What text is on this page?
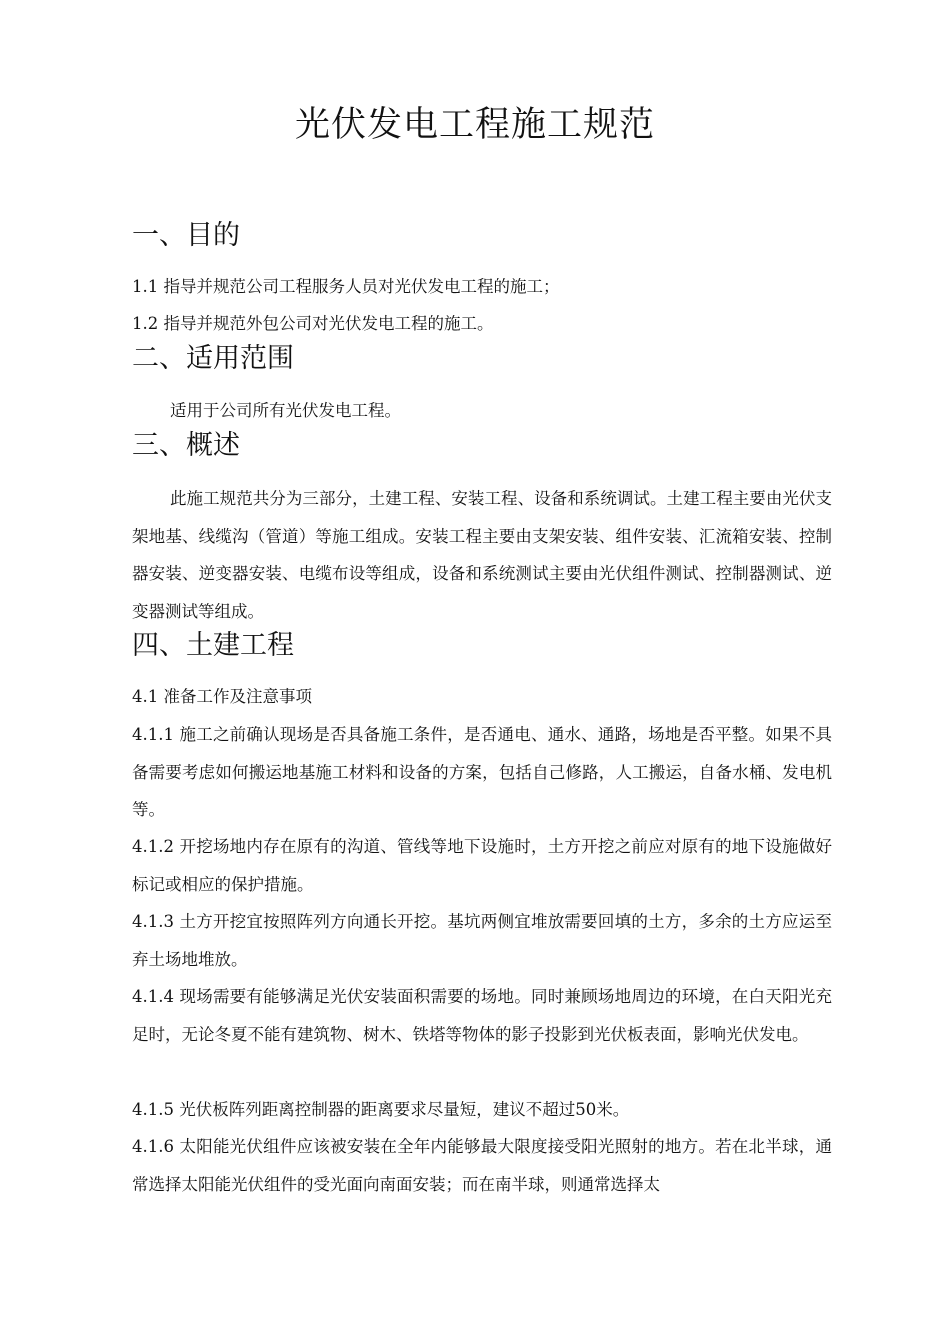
光伏发电工程施工规范
一、目的
1.1 指导并规范公司工程服务人员对光伏发电工程的施工；
1.2 指导并规范外包公司对光伏发电工程的施工。
二、适用范围
适用于公司所有光伏发电工程。
三、概述
此施工规范共分为三部分，土建工程、安装工程、设备和系统调试。土建工程主要由光伏支架地基、线缆沟（管道）等施工组成。安装工程主要由支架安装、组件安装、汇流箱安装、控制器安装、逆变器安装、电缆布设等组成，设备和系统测试主要由光伏组件测试、控制器测试、逆变器测试等组成。
四、土建工程
4.1 准备工作及注意事项
4.1.1 施工之前确认现场是否具备施工条件，是否通电、通水、通路，场地是否平整。如果不具备需要考虑如何搬运地基施工材料和设备的方案，包括自己修路，人工搬运，自备水桶、发电机等。
4.1.2 开挖场地内存在原有的沟道、管线等地下设施时，土方开挖之前应对原有的地下设施做好标记或相应的保护措施。
4.1.3 土方开挖宜按照阵列方向通长开挖。基坑两侧宜堆放需要回填的土方，多余的土方应运至弃土场地堆放。
4.1.4 现场需要有能够满足光伏安装面积需要的场地。同时兼顾场地周边的环境，在白天阳光充足时，无论冬夏不能有建筑物、树木、铁塔等物体的影子投影到光伏板表面，影响光伏发电。
4.1.5 光伏板阵列距离控制器的距离要求尽量短，建议不超过50米。
4.1.6 太阳能光伏组件应该被安装在全年内能够最大限度接受阳光照射的地方。若在北半球，通常选择太阳能光伏组件的受光面向南面安装；而在南半球，则通常选择太
